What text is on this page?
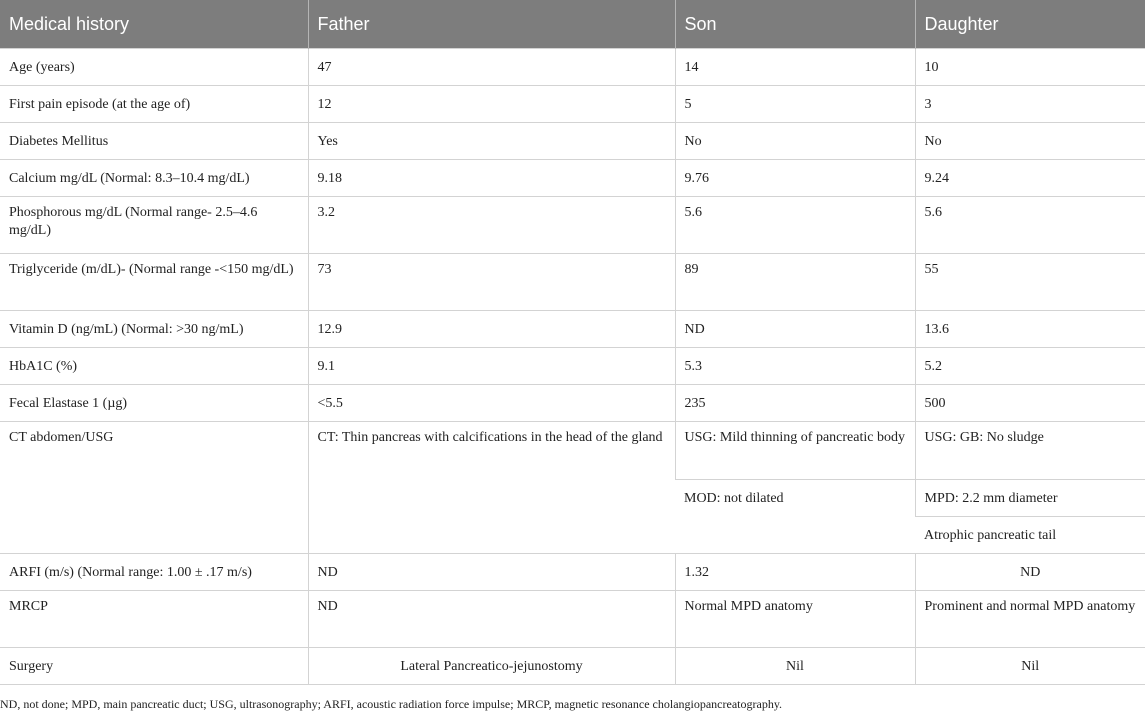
Medical history	Father	Son	Daughter
Age (years)	47	14	10
First pain episode (at the age of)	12	5	3
Diabetes Mellitus	Yes	No	No
Calcium mg/dL (Normal: 8.3–10.4 mg/dL)	9.18	9.76	9.24
Phosphorous mg/dL (Normal range- 2.5–4.6 mg/dL)	3.2	5.6	5.6
Triglyceride (m/dL)- (Normal range -<150 mg/dL)	73	89	55
Vitamin D (ng/mL) (Normal: >30 ng/mL)	12.9	ND	13.6
HbA1C (%)	9.1	5.3	5.2
Fecal Elastase 1 (µg)	<5.5	235	500
CT abdomen/USG	CT: Thin pancreas with calcifications in the head of the gland	USG: Mild thinning of pancreatic body	USG: GB: No sludge
		MOD: not dilated	MPD: 2.2 mm diameter
			Atrophic pancreatic tail
ARFI (m/s) (Normal range: 1.00 ± .17 m/s)	ND	1.32	ND
MRCP	ND	Normal MPD anatomy	Prominent and normal MPD anatomy
Surgery	Lateral Pancreatico-jejunostomy	Nil	Nil
ND, not done; MPD, main pancreatic duct; USG, ultrasonography; ARFI, acoustic radiation force impulse; MRCP, magnetic resonance cholangiopancreatography.
